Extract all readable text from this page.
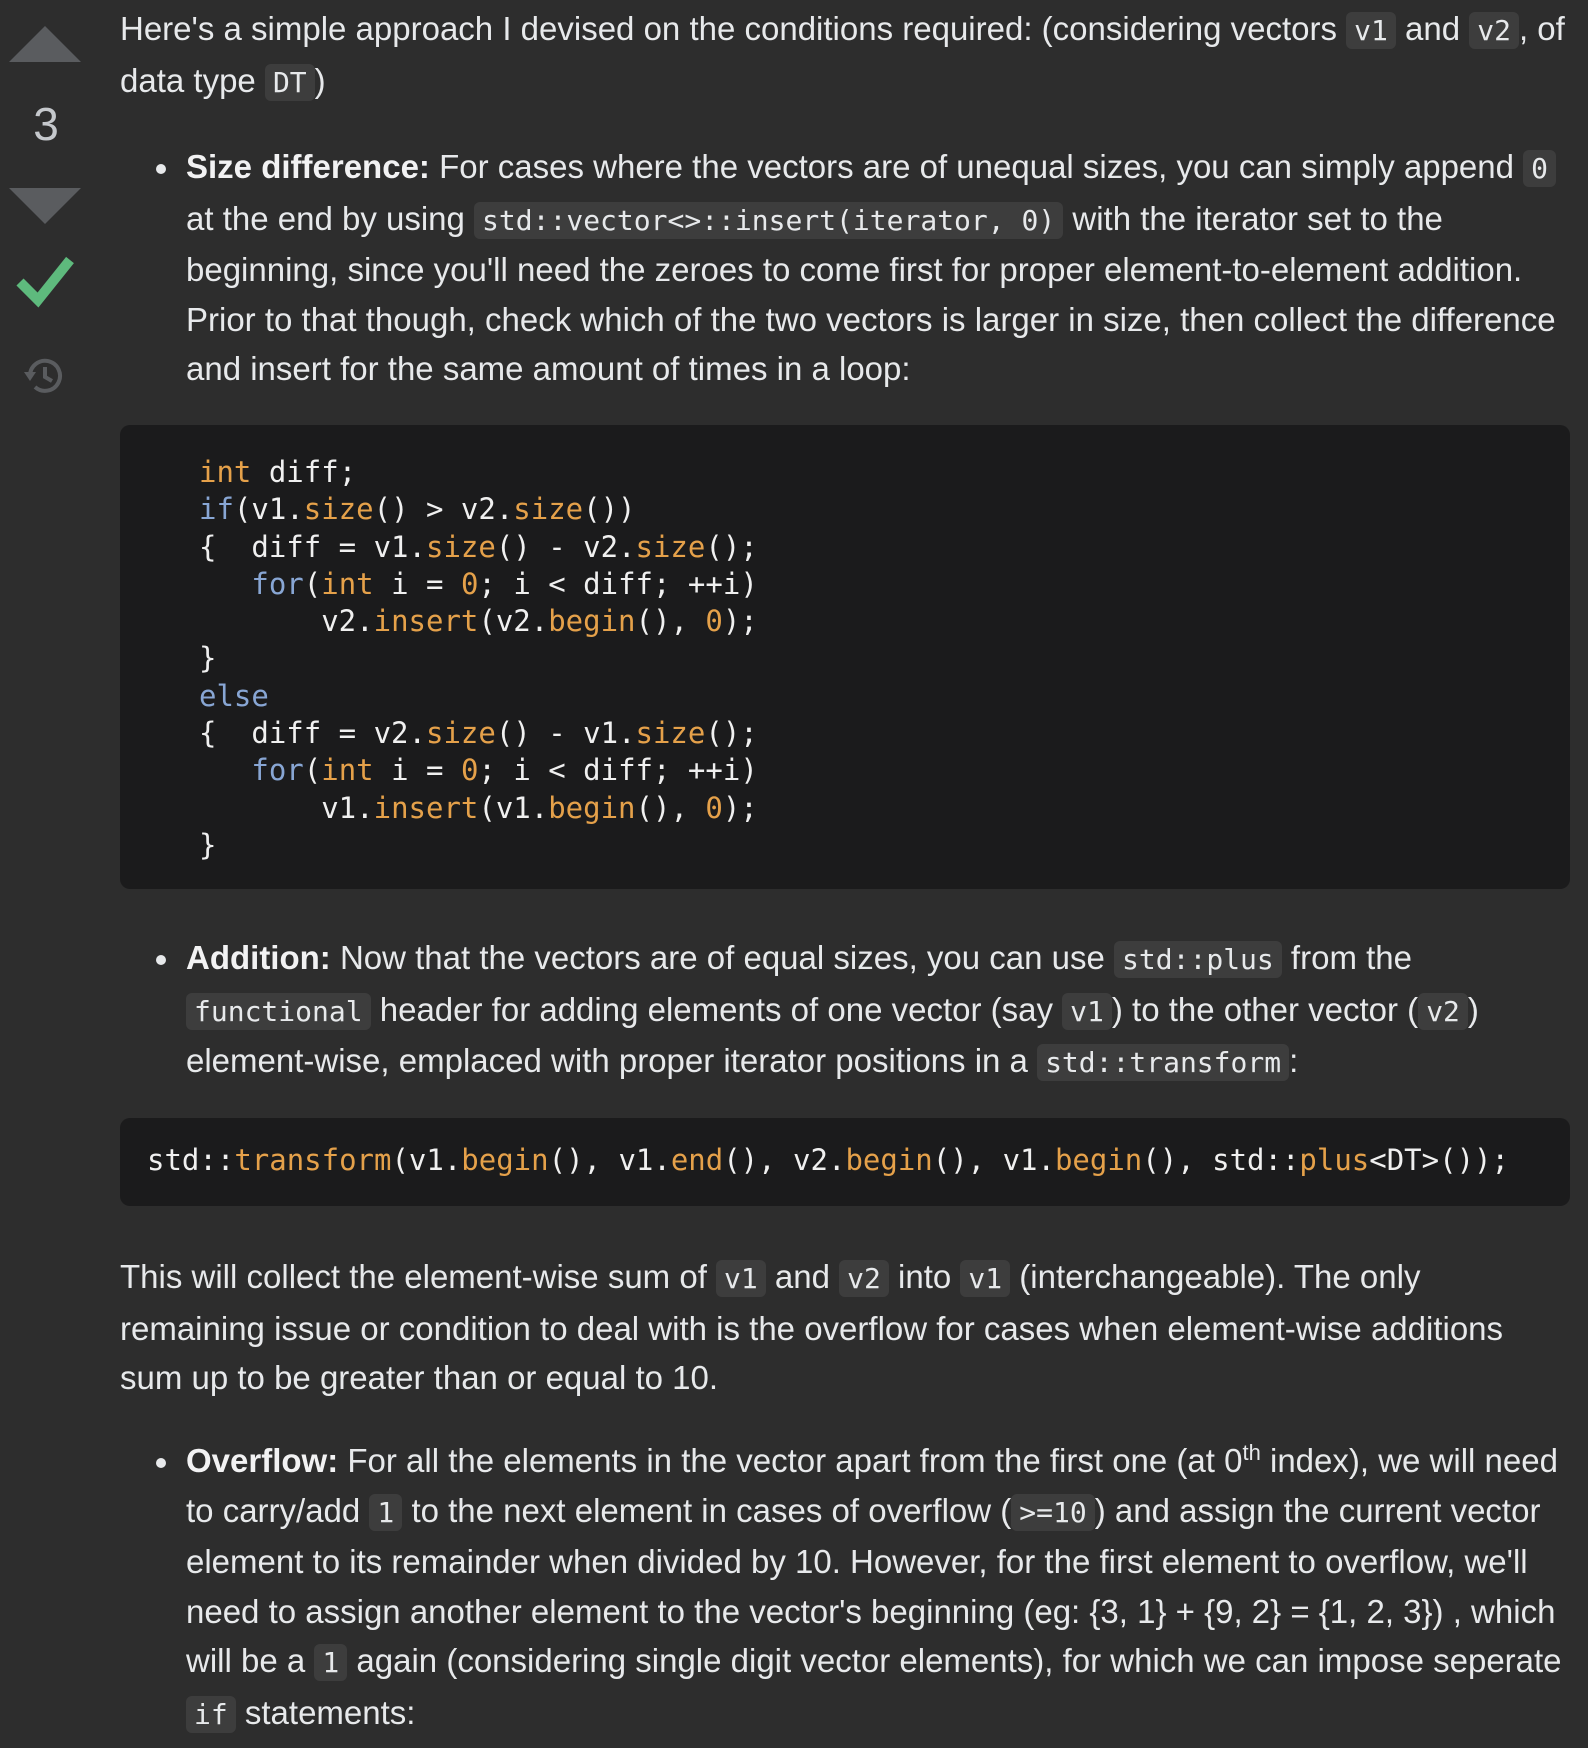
3

Here's a simple approach I devised on the conditions required: (considering vectors v1 and v2 , of data type DT )

Size difference: For cases where the vectors are of unequal sizes, you can simply append 0 at the end by using std::vector<>::insert(iterator, 0) with the iterator set to the beginning, since you'll need the zeroes to come first for proper element-to-element addition. Prior to that though, check which of the two vectors is larger in size, then collect the difference and insert for the same amount of times in a loop:

int diff;
if(v1.size() > v2.size())
{  diff = v1.size() - v2.size();
for(int i = 0; i < diff; ++i)
v2.insert(v2.begin(), 0);
}
else
{  diff = v2.size() - v1.size();
for(int i = 0; i < diff; ++i)
v1.insert(v1.begin(), 0);
}

Addition: Now that the vectors are of equal sizes, you can use std::plus from the functional header for adding elements of one vector (say v1 ) to the other vector ( v2 ) element-wise, emplaced with proper iterator positions in a std::transform :

std::transform(v1.begin(), v1.end(), v2.begin(), v1.begin(), std::plus<DT>());

This will collect the element-wise sum of v1 and v2 into v1 (interchangeable). The only remaining issue or condition to deal with is the overflow for cases when element-wise additions sum up to be greater than or equal to 10.

Overflow: For all the elements in the vector apart from the first one (at 0th index), we will need to carry/add 1 to the next element in cases of overflow ( >=10 ) and assign the current vector element to its remainder when divided by 10. However, for the first element to overflow, we'll need to assign another element to the vector's beginning (eg: {3, 1} + {9, 2} = {1, 2, 3}) , which will be a 1 again (considering single digit vector elements), for which we can impose seperate if statements:
